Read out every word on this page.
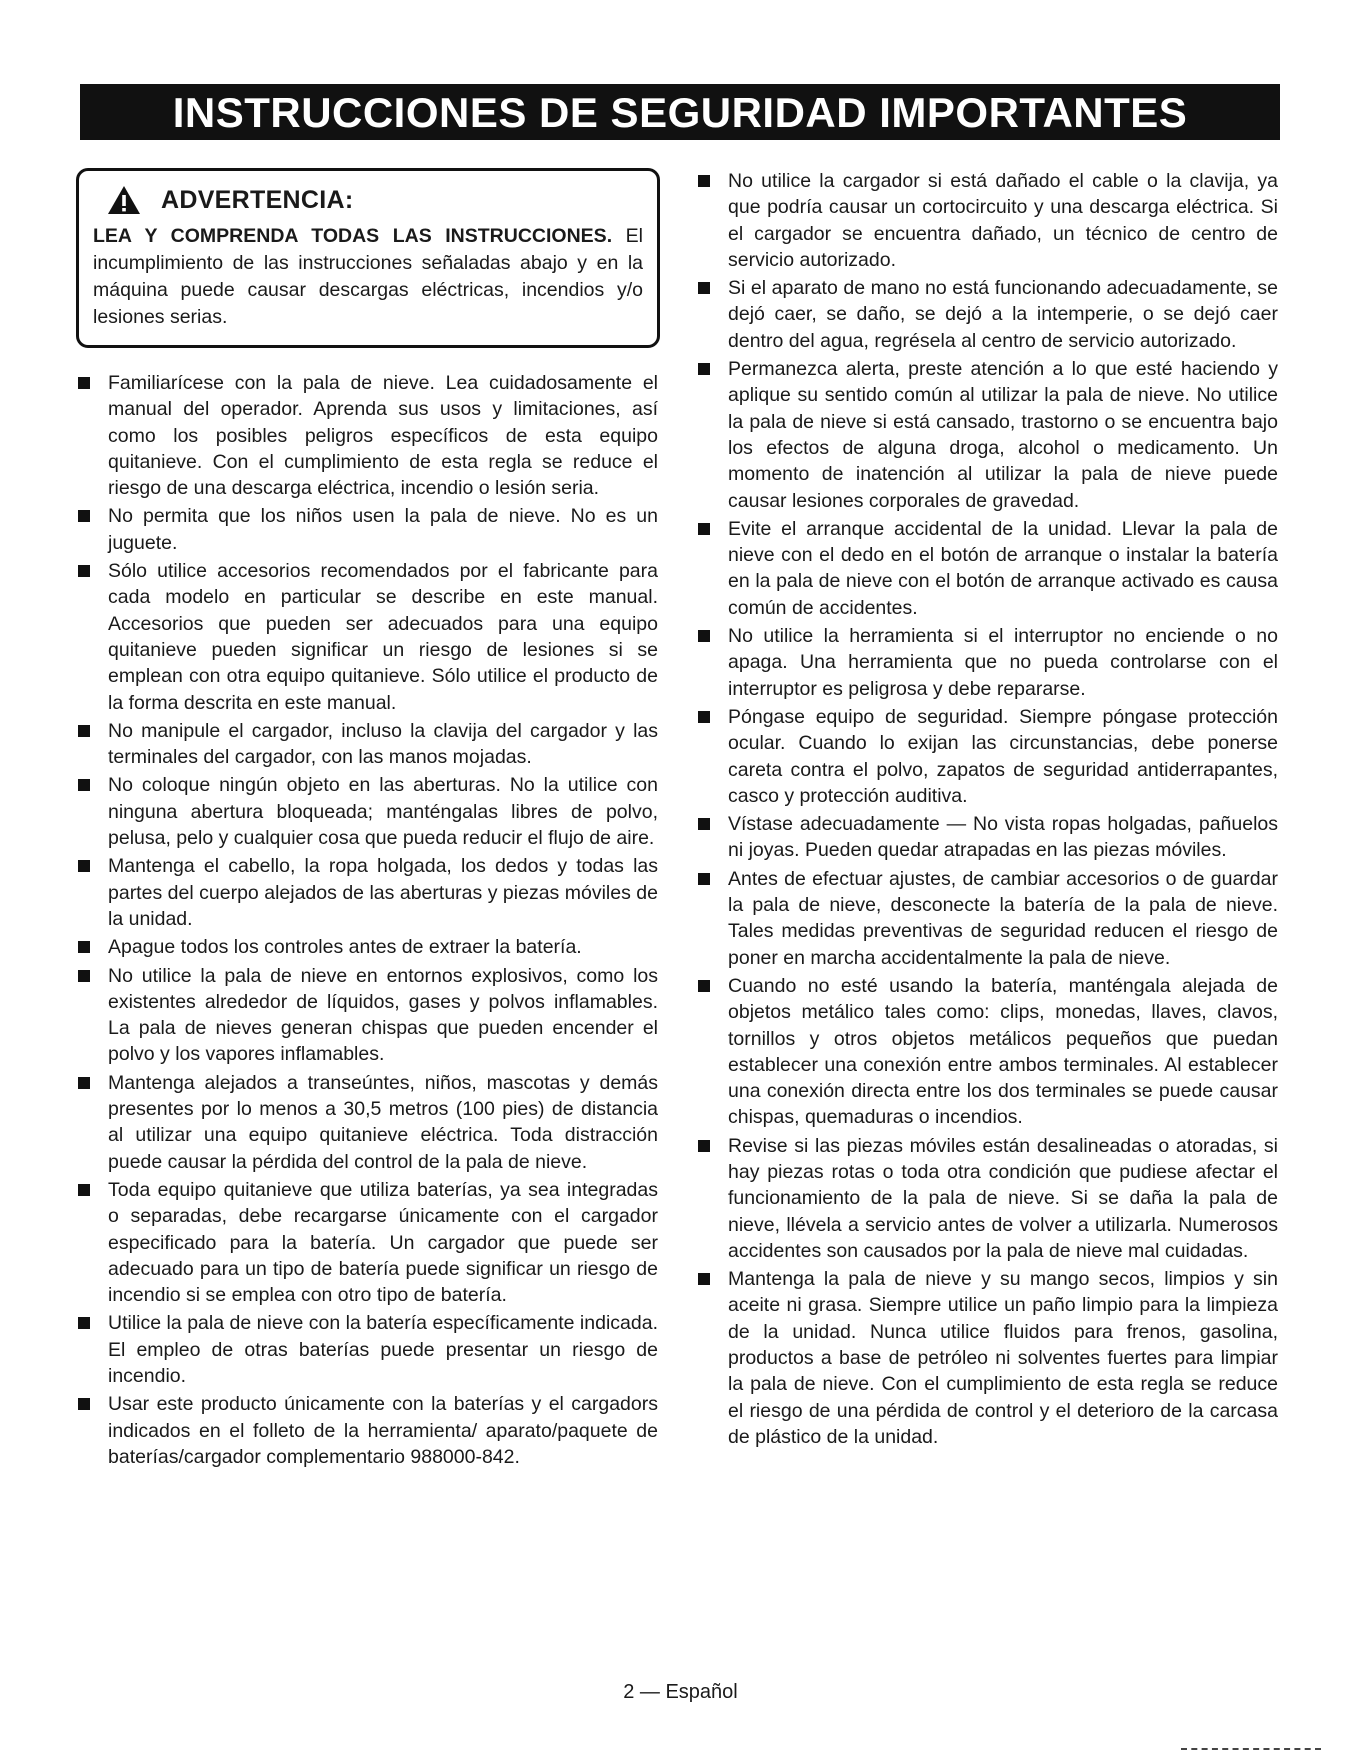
INSTRUCCIONES DE SEGURIDAD IMPORTANTES
ADVERTENCIA:
LEA Y COMPRENDA TODAS LAS INSTRUCCIONES. El incumplimiento de las instrucciones señaladas abajo y en la máquina puede causar descargas eléctricas, incendios y/o lesiones serias.
Familiarícese con la pala de nieve. Lea cuidadosamente el manual del operador. Aprenda sus usos y limitaciones, así como los posibles peligros específicos de esta equipo quitanieve. Con el cumplimiento de esta regla se reduce el riesgo de una descarga eléctrica, incendio o lesión seria.
No permita que los niños usen la pala de nieve. No es un juguete.
Sólo utilice accesorios recomendados por el fabricante para cada modelo en particular se describe en este manual. Accesorios que pueden ser adecuados para una equipo quitanieve pueden significar un riesgo de lesiones si se emplean con otra equipo quitanieve. Sólo utilice el producto de la forma descrita en este manual.
No manipule el cargador, incluso la clavija del cargador y las terminales del cargador, con las manos mojadas.
No coloque ningún objeto en las aberturas. No la utilice con ninguna abertura bloqueada; manténgalas libres de polvo, pelusa, pelo y cualquier cosa que pueda reducir el flujo de aire.
Mantenga el cabello, la ropa holgada, los dedos y todas las partes del cuerpo alejados de las aberturas y piezas móviles de la unidad.
Apague todos los controles antes de extraer la batería.
No utilice la pala de nieve en entornos explosivos, como los existentes alrededor de líquidos, gases y polvos inflamables. La pala de nieves generan chispas que pueden encender el polvo y los vapores inflamables.
Mantenga alejados a transeúntes, niños, mascotas y demás presentes por lo menos a 30,5 metros (100 pies) de distancia al utilizar una equipo quitanieve eléctrica. Toda distracción puede causar la pérdida del control de la pala de nieve.
Toda equipo quitanieve que utiliza baterías, ya sea integradas o separadas, debe recargarse únicamente con el cargador especificado para la batería. Un cargador que puede ser adecuado para un tipo de batería puede significar un riesgo de incendio si se emplea con otro tipo de batería.
Utilice la pala de nieve con la batería específicamente indicada. El empleo de otras baterías puede presentar un riesgo de incendio.
Usar este producto únicamente con la baterías y el cargadors indicados en el folleto de la herramienta/ aparato/paquete de baterías/cargador complementario 988000-842.
No utilice la cargador si está dañado el cable o la clavija, ya que podría causar un cortocircuito y una descarga eléctrica. Si el cargador se encuentra dañado, un técnico de centro de servicio autorizado.
Si el aparato de mano no está funcionando adecuadamente, se dejó caer, se daño, se dejó a la intemperie, o se dejó caer dentro del agua, regrésela al centro de servicio autorizado.
Permanezca alerta, preste atención a lo que esté haciendo y aplique su sentido común al utilizar la pala de nieve. No utilice la pala de nieve si está cansado, trastorno o se encuentra bajo los efectos de alguna droga, alcohol o medicamento. Un momento de inatención al utilizar la pala de nieve puede causar lesiones corporales de gravedad.
Evite el arranque accidental de la unidad. Llevar la pala de nieve con el dedo en el botón de arranque o instalar la batería en la pala de nieve con el botón de arranque activado es causa común de accidentes.
No utilice la herramienta si el interruptor no enciende o no apaga. Una herramienta que no pueda controlarse con el interruptor es peligrosa y debe repararse.
Póngase equipo de seguridad. Siempre póngase protección ocular. Cuando lo exijan las circunstancias, debe ponerse careta contra el polvo, zapatos de seguridad antiderrapantes, casco y protección auditiva.
Vístase adecuadamente — No vista ropas holgadas, pañuelos ni joyas. Pueden quedar atrapadas en las piezas móviles.
Antes de efectuar ajustes, de cambiar accesorios o de guardar la pala de nieve, desconecte la batería de la pala de nieve. Tales medidas preventivas de seguridad reducen el riesgo de poner en marcha accidentalmente la pala de nieve.
Cuando no esté usando la batería, manténgala alejada de objetos metálico tales como: clips, monedas, llaves, clavos, tornillos y otros objetos metálicos pequeños que puedan establecer una conexión entre ambos terminales. Al establecer una conexión directa entre los dos terminales se puede causar chispas, quemaduras o incendios.
Revise si las piezas móviles están desalineadas o atoradas, si hay piezas rotas o toda otra condición que pudiese afectar el funcionamiento de la pala de nieve. Si se daña la pala de nieve, llévela a servicio antes de volver a utilizarla. Numerosos accidentes son causados por la pala de nieve mal cuidadas.
Mantenga la pala de nieve y su mango secos, limpios y sin aceite ni grasa. Siempre utilice un paño limpio para la limpieza de la unidad. Nunca utilice fluidos para frenos, gasolina, productos a base de petróleo ni solventes fuertes para limpiar la pala de nieve. Con el cumplimiento de esta regla se reduce el riesgo de una pérdida de control y el deterioro de la carcasa de plástico de la unidad.
2 — Español
